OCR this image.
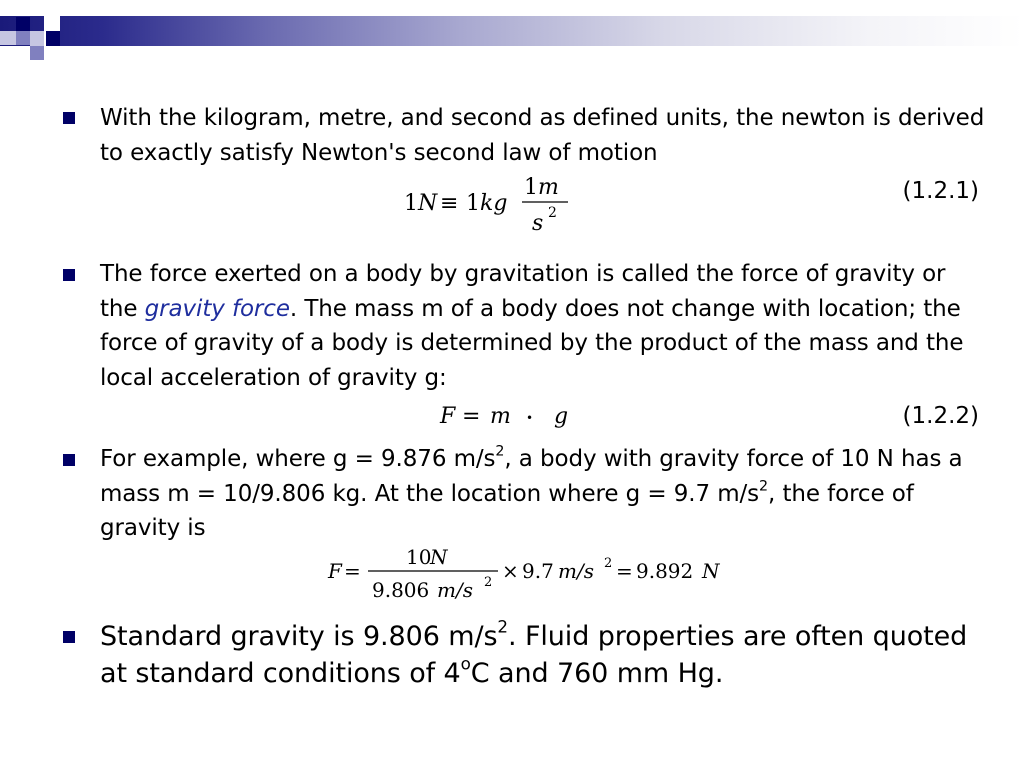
With the kilogram, metre, and second as defined units, the newton is derived to exactly satisfy Newton's second law of motion
1 N ≡ 1 kg
1 m
s 2
(1.2.1)
The force exerted on a body by gravitation is called the force of gravity or the gravity force. The mass m of a body does not change with location; the force of gravity of a body is determined by the product of the mass and the local acceleration of gravity g:
F = m • g	(1.2.2)
For example, where g = 9.876 $m/s^2$, a body with gravity force of 10 N has a mass m = 10/9.806 kg. At the location where g = 9.7 $m/s^2$, the force of gravity is
F =
10
N
9.806 m/s 2 × 9.7 m/s 2 = 9.892 N
Standard gravity is 9.806 $m/s^2$. Fluid properties are often quoted at standard conditions of 4$^o$C and 760 mm Hg.
